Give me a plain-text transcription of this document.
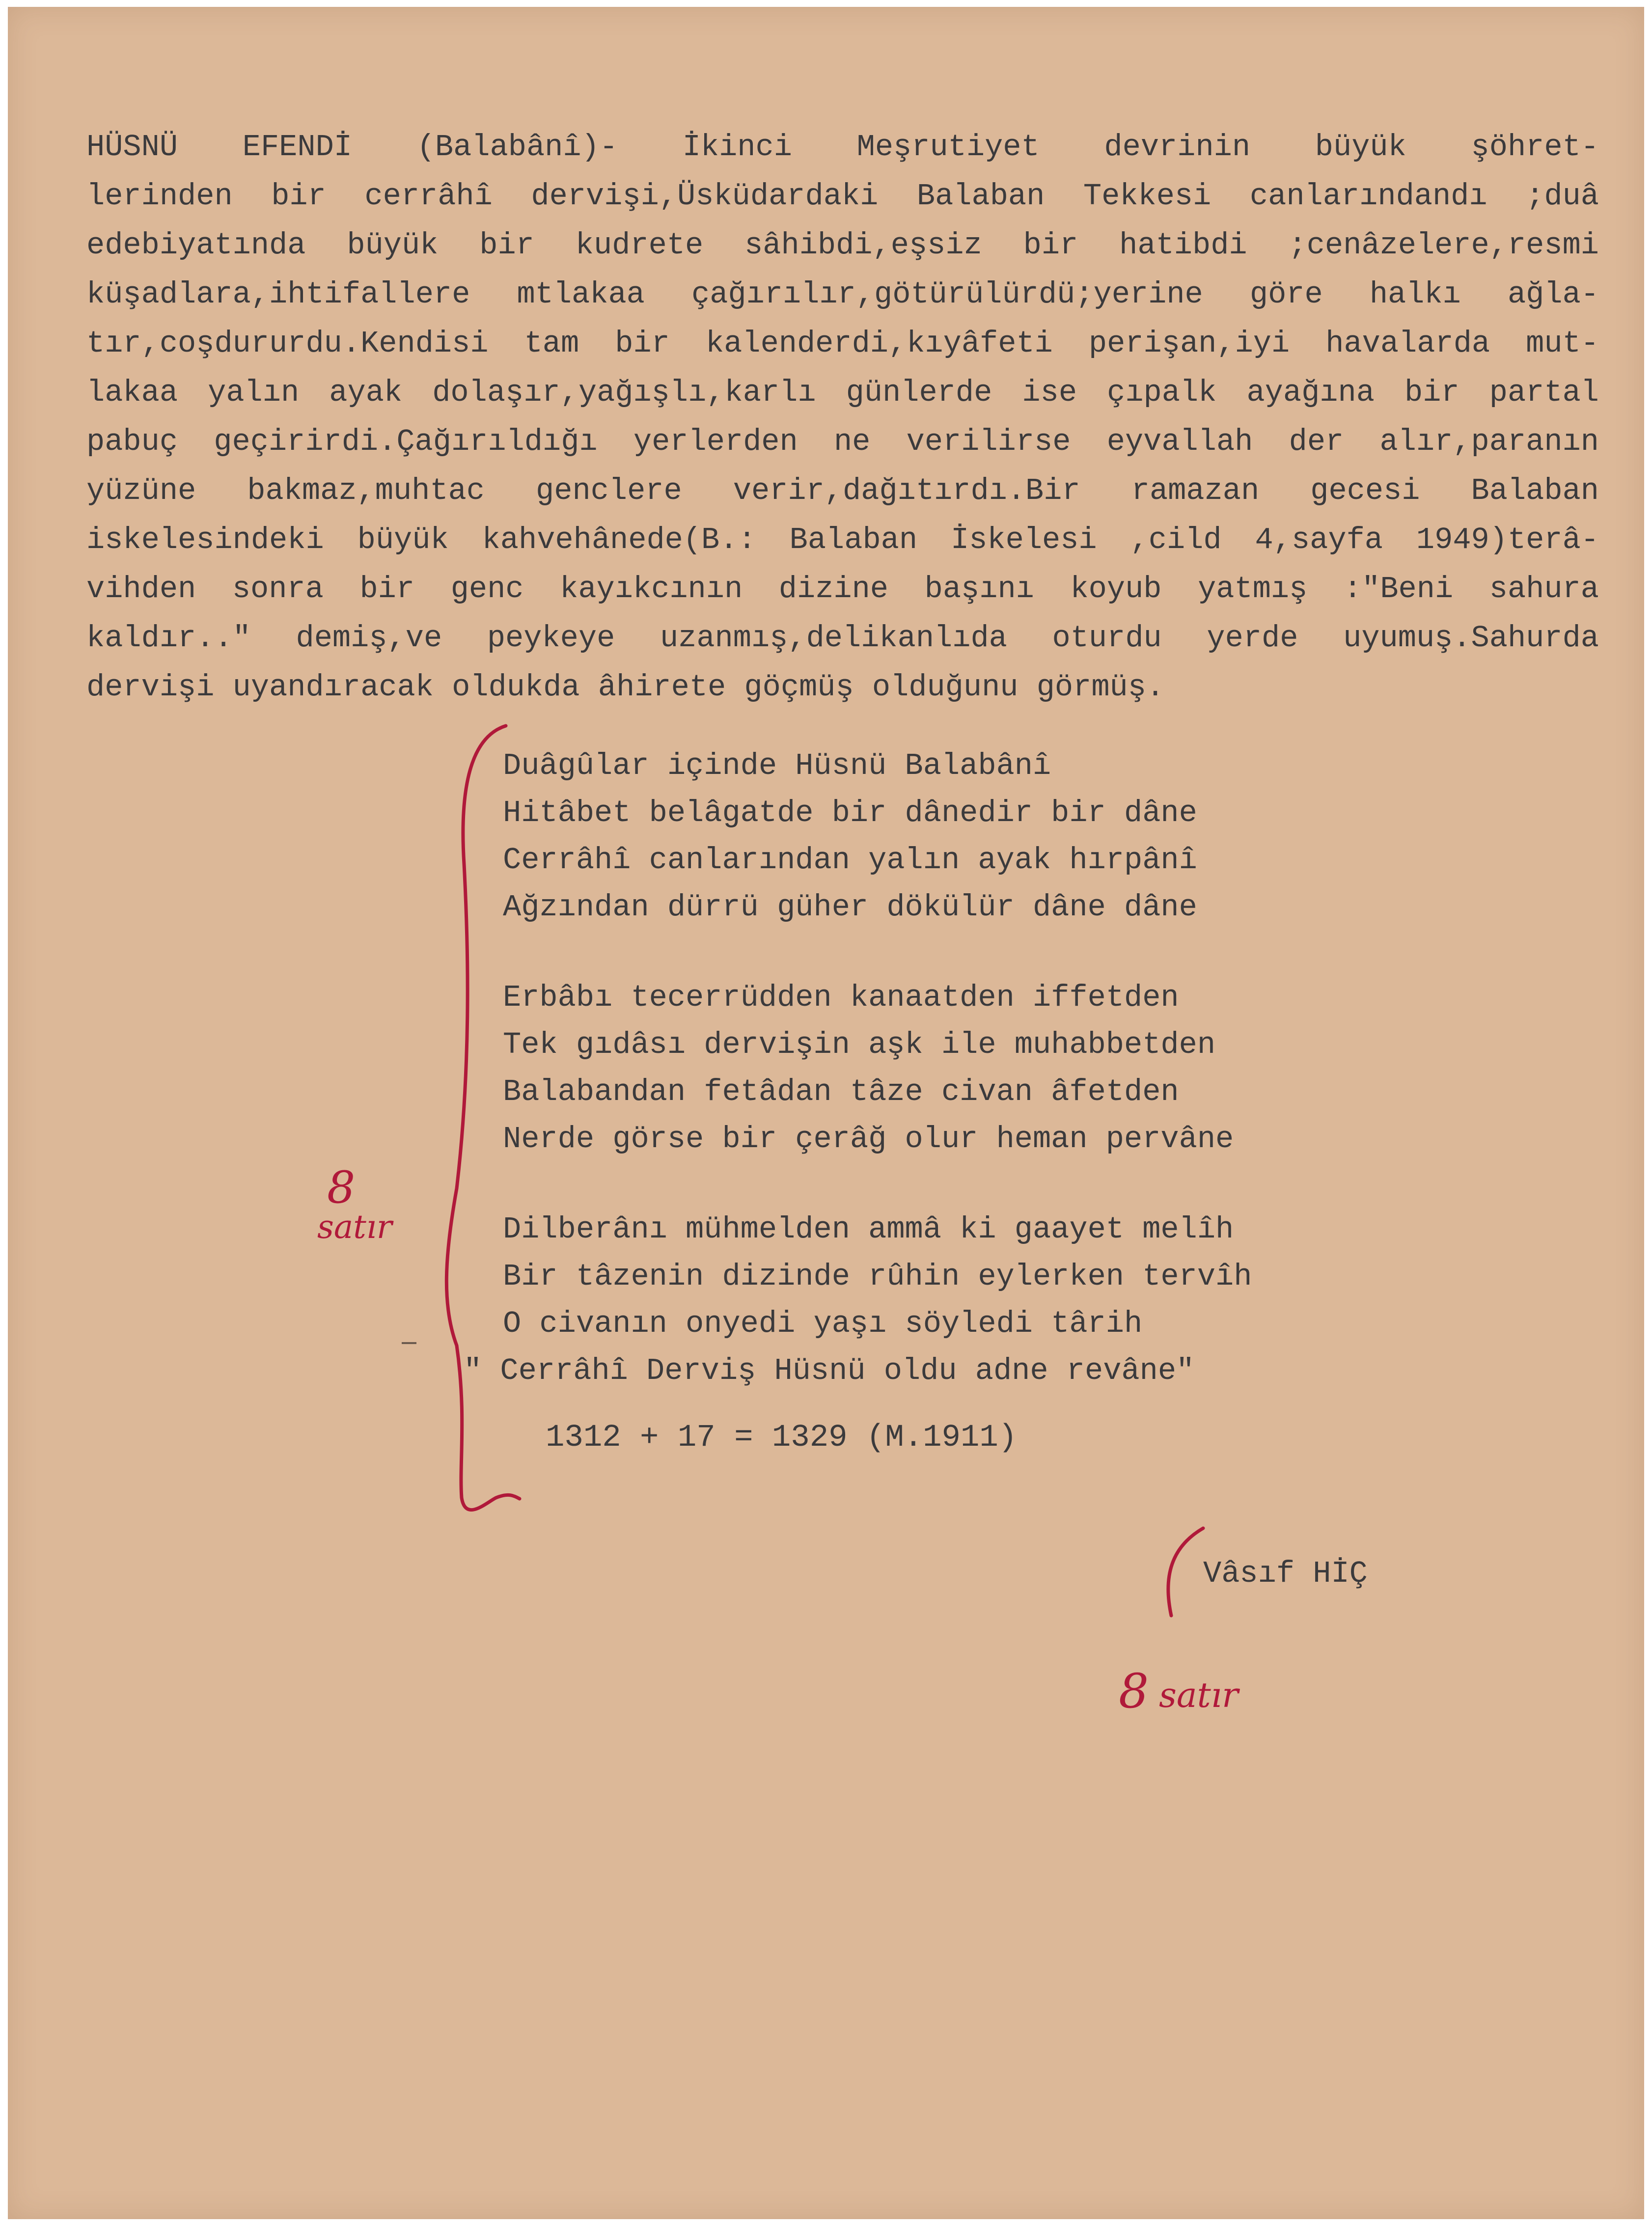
HÜSNÜ EFENDİ (Balabânî)- İkinci Meşrutiyet devrinin büyük şöhret-

lerinden bir cerrâhî dervişi,Üsküdardaki Balaban Tekkesi canlarındandı ;duâ

edebiyatında büyük bir kudrete sâhibdi,eşsiz bir hatibdi ;cenâzelere,resmi

küşadlara,ihtifallere mtlakaa çağırılır,götürülürdü;yerine göre halkı ağla-

tır,coşdururdu.Kendisi tam bir kalenderdi,kıyâfeti perişan,iyi havalarda mut-

lakaa yalın ayak dolaşır,yağışlı,karlı günlerde ise çıpalk ayağına bir partal

pabuç geçirirdi.Çağırıldığı yerlerden ne verilirse eyvallah der alır,paranın

yüzüne bakmaz,muhtac genclere verir,dağıtırdı.Bir ramazan gecesi Balaban

iskelesindeki büyük kahvehânede(B.: Balaban İskelesi ,cild 4,sayfa 1949)terâ-

vihden sonra bir genc kayıkcının dizine başını koyub yatmış :"Beni sahura

kaldır.." demiş,ve peykeye uzanmış,delikanlıda oturdu yerde uyumuş.Sahurda

dervişi uyandıracak oldukda âhirete göçmüş olduğunu görmüş.

Duâgûlar içinde Hüsnü Balabânî

Hitâbet belâgatde bir dânedir bir dâne

Cerrâhî canlarından yalın ayak hırpânî

Ağzından dürrü güher dökülür dâne dâne

Erbâbı tecerrüdden kanaatden iffetden

Tek gıdâsı dervişin aşk ile muhabbetden

Balabandan fetâdan tâze civan âfetden

Nerde görse bir çerâğ olur heman pervâne

Dilberânı mühmelden ammâ ki gaayet melîh

Bir tâzenin dizinde rûhin eylerken tervîh

O civanın onyedi yaşı söyledi târih

" Cerrâhî Derviş Hüsnü oldu adne revâne"

1312 + 17 = 1329 (M.1911)
Vâsıf HİÇ
8
satır
8 satır
